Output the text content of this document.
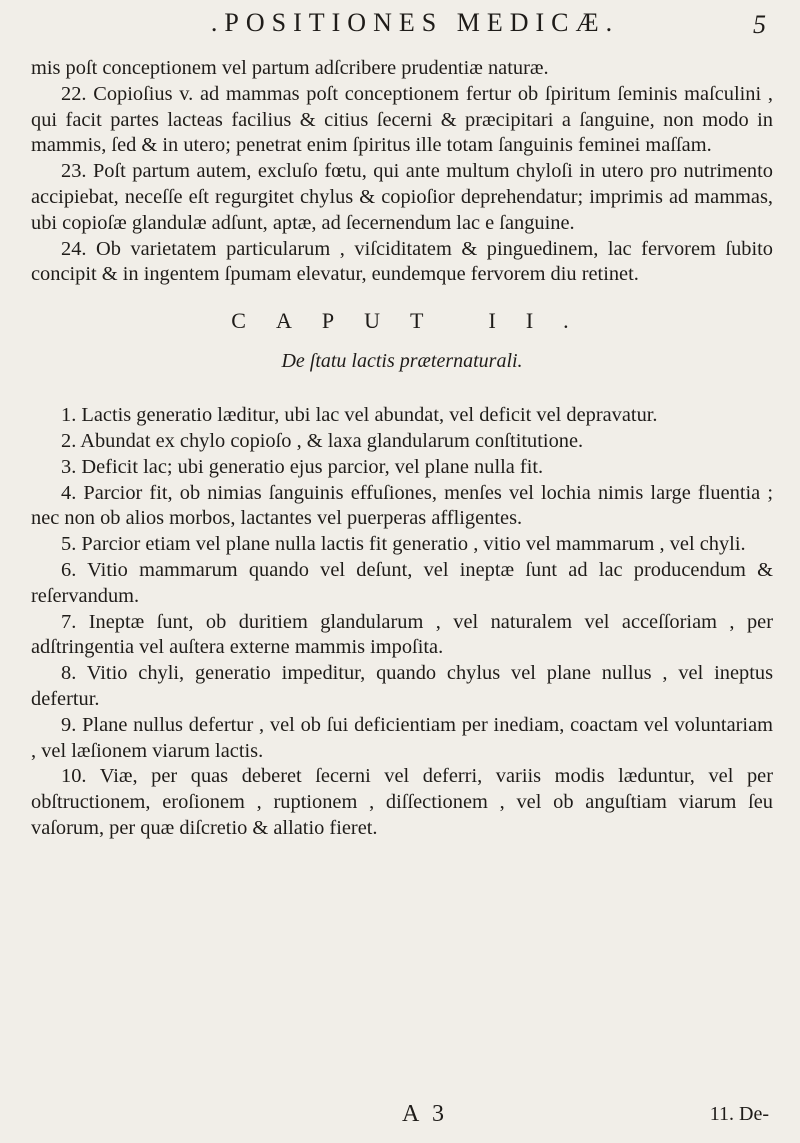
.POSITIONES MEDICÆ.	5

mis poſt conceptionem vel partum adſcribere prudentiæ naturæ.

22. Copioſius v. ad mammas poſt conceptionem fertur ob ſpiritum ſeminis maſculini , qui facit partes lacteas facilius & citius ſecerni & præcipitari a ſanguine, non modo in mammis, ſed & in utero; penetrat enim ſpiritus ille totam ſanguinis feminei maſſam.

23. Poſt partum autem, excluſo fœtu, qui ante multum chyloſi in utero pro nutrimento accipiebat, neceſſe eſt regurgitet chylus & copioſior deprehendatur; imprimis ad mammas, ubi copioſæ glandulæ adſunt, aptæ, ad ſecernendum lac e ſanguine.

24. Ob varietatem particularum , viſciditatem & pinguedinem, lac fervorem ſubito concipit & in ingentem ſpumam elevatur, eundemque fervorem diu retinet.

CAPUT II.
De ſtatu lactis præternaturali.

1. Lactis generatio læditur, ubi lac vel abundat, vel deficit vel depravatur.

2. Abundat ex chylo copioſo , & laxa glandularum conſtitutione.

3. Deficit lac; ubi generatio ejus parcior, vel plane nulla fit.

4. Parcior fit, ob nimias ſanguinis effuſiones, menſes vel lochia nimis large fluentia ; nec non ob alios morbos, lactantes vel puerperas affligentes.

5. Parcior etiam vel plane nulla lactis fit generatio , vitio vel mammarum , vel chyli.

6. Vitio mammarum quando vel deſunt, vel ineptæ ſunt ad lac producendum & reſervandum.

7. Ineptæ ſunt, ob duritiem glandularum , vel naturalem vel acceſſoriam , per adſtringentia vel auſtera externe mammis impoſita.

8. Vitio chyli, generatio impeditur, quando chylus vel plane nullus , vel ineptus defertur.

9. Plane nullus defertur , vel ob ſui deficientiam per inediam, coactam vel voluntariam , vel læſionem viarum lactis.

10. Viæ, per quas deberet ſecerni vel deferri, variis modis læduntur, vel per obſtructionem, eroſionem , ruptionem , diſſectionem , vel ob anguſtiam viarum ſeu vaſorum, per quæ diſcretio & allatio fieret.

A 3	11. De-
